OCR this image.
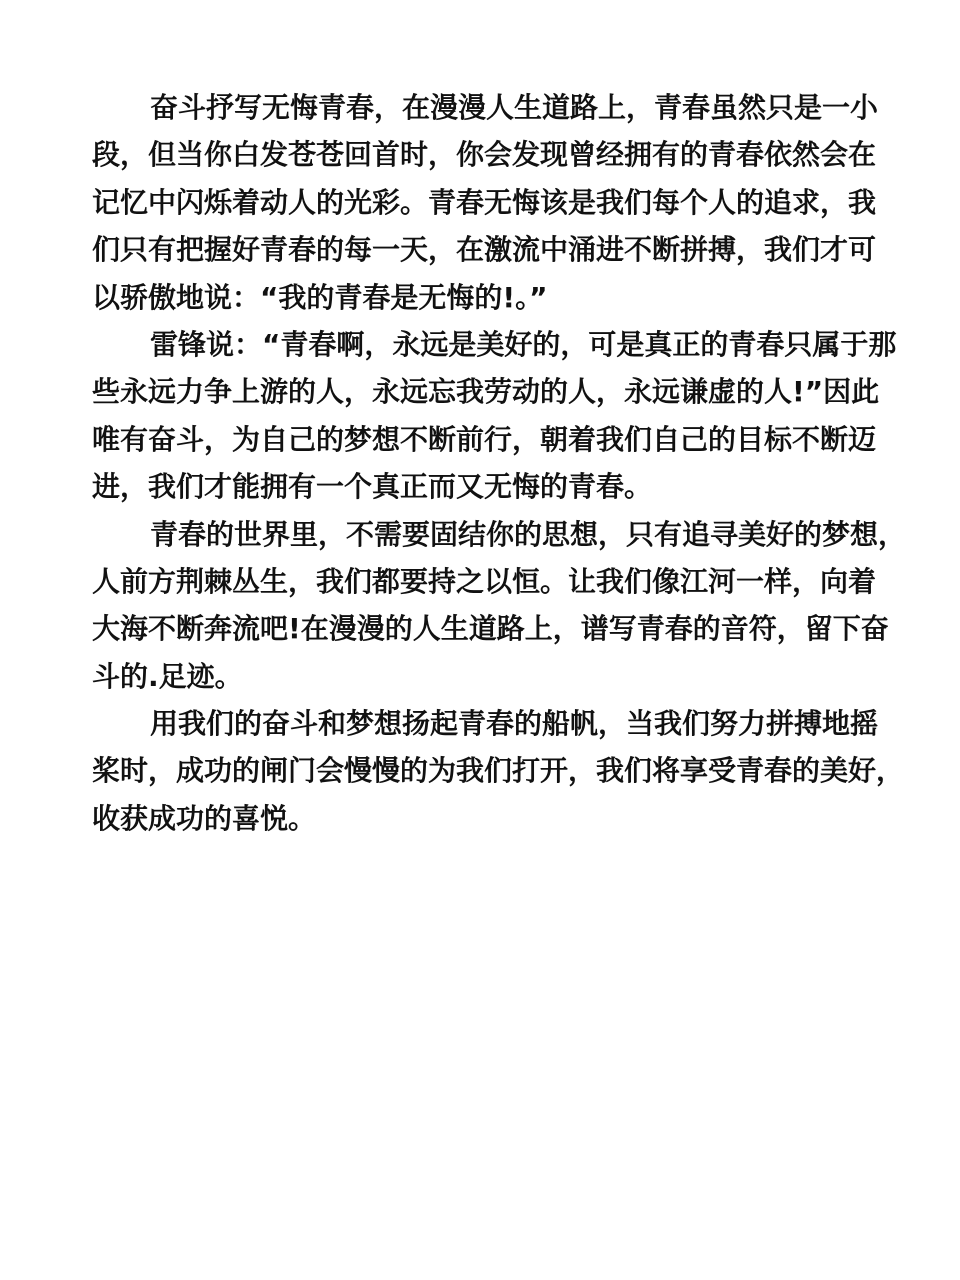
奋斗抒写无悔青春，在漫漫人生道路上，青春虽然只是一小
段，但当你白发苍苍回首时，你会发现曾经拥有的青春依然会在
记忆中闪烁着动人的光彩。青春无悔该是我们每个人的追求，我
们只有把握好青春的每一天，在激流中涌进不断拼搏，我们才可
以骄傲地说：“我的青春是无悔的!。”
雷锋说：“青春啊，永远是美好的，可是真正的青春只属于那
些永远力争上游的人，永远忘我劳动的人，永远谦虚的人!”因此
唯有奋斗，为自己的梦想不断前行，朝着我们自己的目标不断迈
进，我们才能拥有一个真正而又无悔的青春。
青春的世界里，不需要固结你的思想，只有追寻美好的梦想，
人前方荆棘丛生，我们都要持之以恒。让我们像江河一样，向着
大海不断奔流吧!在漫漫的人生道路上，谱写青春的音符，留下奋
斗的.足迹。
用我们的奋斗和梦想扬起青春的船帆，当我们努力拼搏地摇
桨时，成功的闸门会慢慢的为我们打开，我们将享受青春的美好，
收获成功的喜悦。
